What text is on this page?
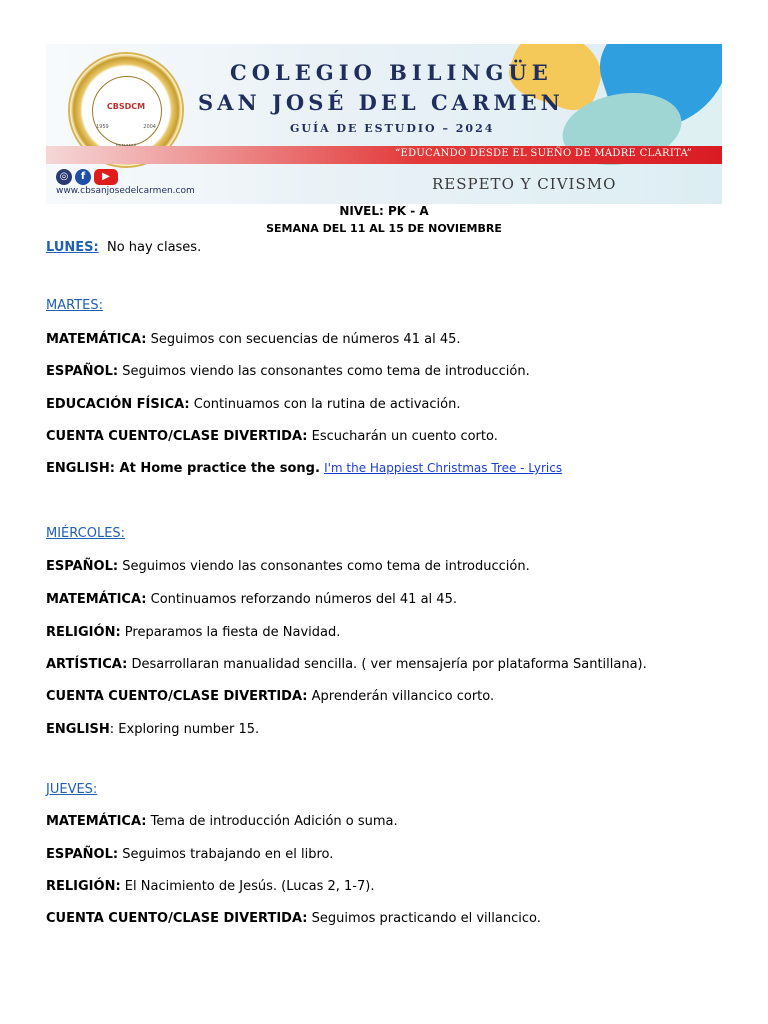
CBSDCM
1959	2004
COLEGIO BILINGÜE
SAN JOSÉ DEL CARMEN
GUÍA DE ESTUDIO – 2024
“EDUCANDO DESDE EL SUEÑO DE MADRE CLARITA”
◎	f	▶
www.cbsanjosedelcarmen.com	RESPETO Y CIVISMO
NIVEL: PK - A
SEMANA DEL 11 AL 15 DE NOVIEMBRE
LUNES: No hay clases.
MARTES:
MATEMÁTICA: Seguimos con secuencias de números 41 al 45.
ESPAÑOL: Seguimos viendo las consonantes como tema de introducción.
EDUCACIÓN FÍSICA: Continuamos con la rutina de activación.
CUENTA CUENTO/CLASE DIVERTIDA: Escucharán un cuento corto.
ENGLISH: At Home practice the song. I'm the Happiest Christmas Tree - Lyrics
MIÉRCOLES:
ESPAÑOL: Seguimos viendo las consonantes como tema de introducción.
MATEMÁTICA: Continuamos reforzando números del 41 al 45.
RELIGIÓN: Preparamos la fiesta de Navidad.
ARTÍSTICA: Desarrollaran manualidad sencilla. ( ver mensajería por plataforma Santillana).
CUENTA CUENTO/CLASE DIVERTIDA: Aprenderán villancico corto.
ENGLISH: Exploring number 15.
JUEVES:
MATEMÁTICA: Tema de introducción Adición o suma.
ESPAÑOL: Seguimos trabajando en el libro.
RELIGIÓN: El Nacimiento de Jesús. (Lucas 2, 1-7).
CUENTA CUENTO/CLASE DIVERTIDA: Seguimos practicando el villancico.
